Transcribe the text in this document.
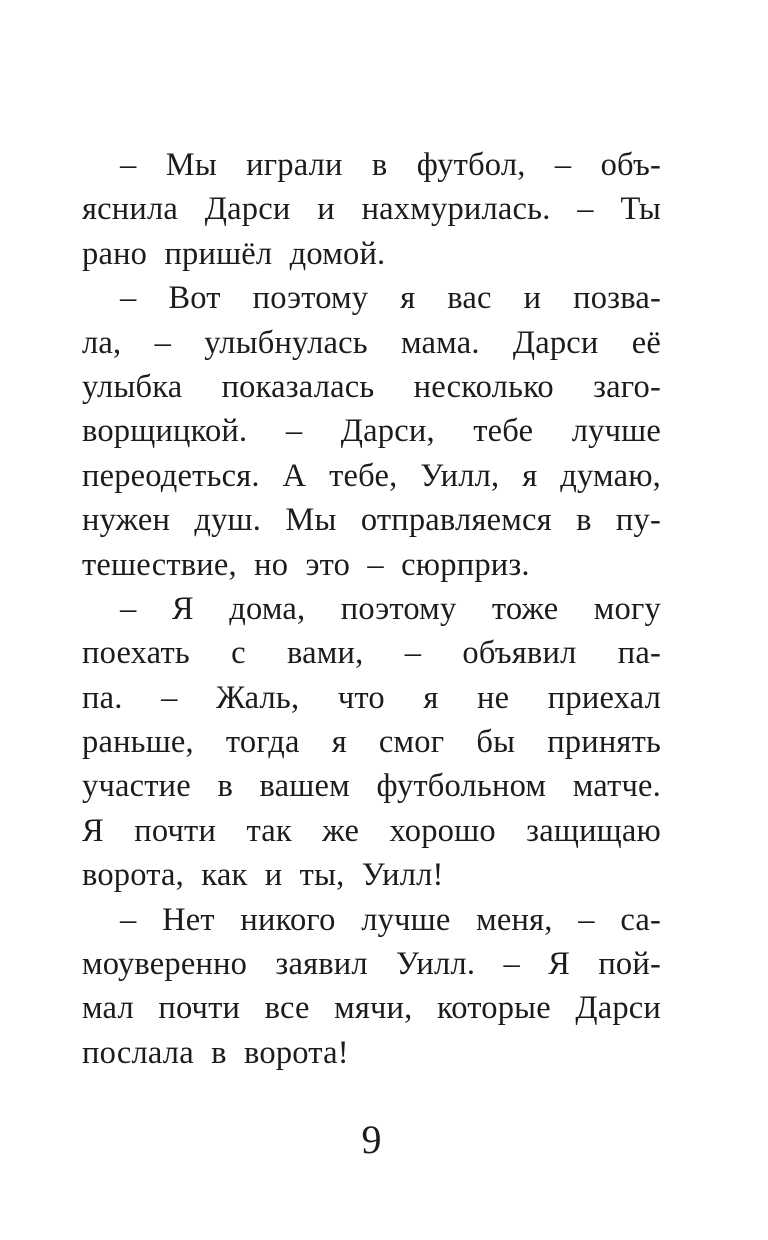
– Мы играли в футбол, – объ-
яснила Дарси и нахмурилась. – Ты
рано пришёл домой.
– Вот поэтому я вас и позва-
ла, – улыбнулась мама. Дарси её
улыбка показалась несколько заго-
ворщицкой. – Дарси, тебе лучше
переодеться. А тебе, Уилл, я думаю,
нужен душ. Мы отправляемся в пу-
тешествие, но это – сюрприз.
– Я дома, поэтому тоже могу
поехать с вами, – объявил па-
па. – Жаль, что я не приехал
раньше, тогда я смог бы принять
участие в вашем футбольном матче.
Я почти так же хорошо защищаю
ворота, как и ты, Уилл!
– Нет никого лучше меня, – са-
моуверенно заявил Уилл. – Я пой-
мал почти все мячи, которые Дарси
послала в ворота!
9
